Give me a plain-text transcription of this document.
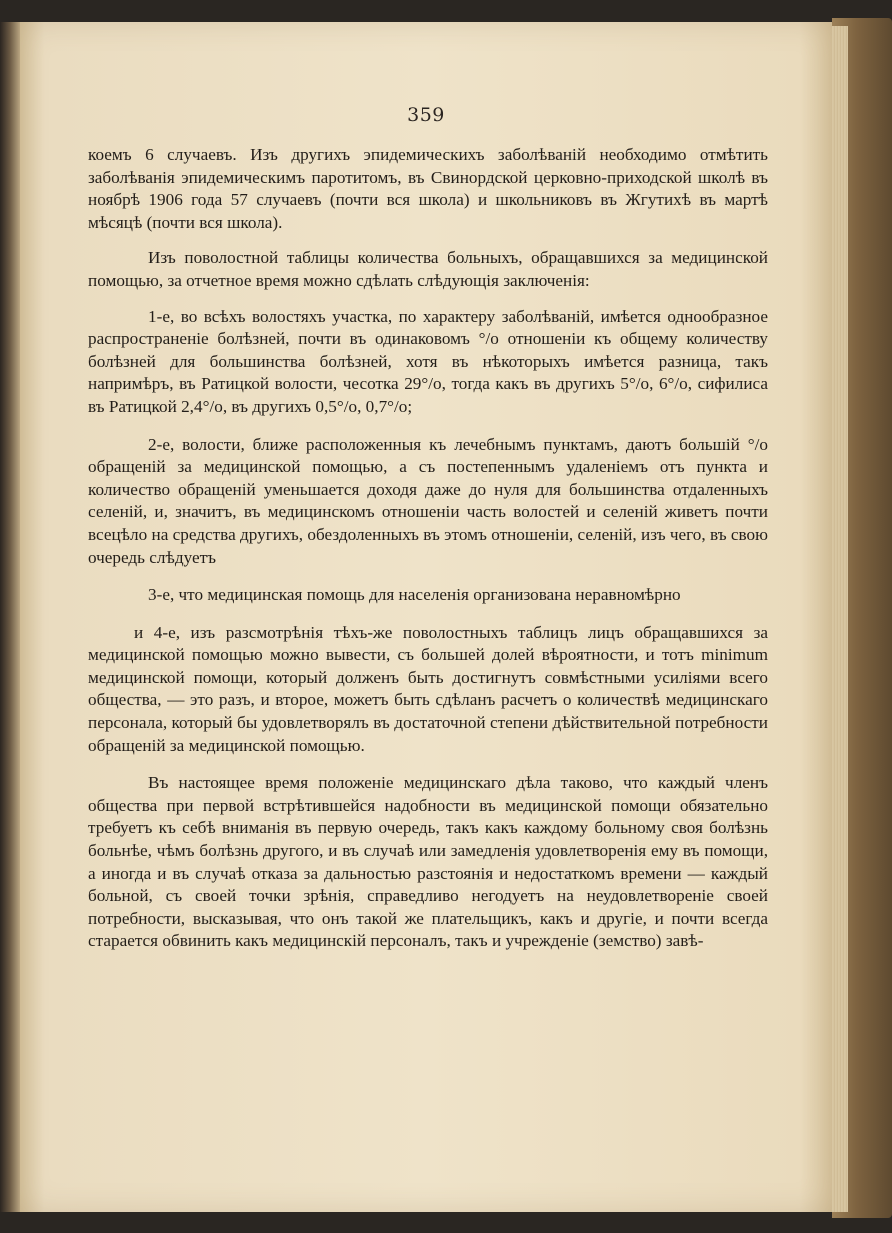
359

коемъ 6 случаевъ. Изъ другихъ эпидемическихъ заболѣваній необходимо отмѣтить заболѣванія эпидемическимъ паротитомъ, въ Свинордской церковно-приходской школѣ въ ноябрѣ 1906 года 57 случаевъ (почти вся школа) и школьниковъ въ Жгутихѣ въ мартѣ мѣсяцѣ (почти вся школа).

Изъ поволостной таблицы количества больныхъ, обращавшихся за медицинской помощью, за отчетное время можно сдѣлать слѣдующія заключенія:

1-е, во всѣхъ волостяхъ участка, по характеру заболѣваній, имѣется однообразное распространеніе болѣзней, почти въ одинаковомъ °/о отношеніи къ общему количеству болѣзней для большинства болѣзней, хотя въ нѣкоторыхъ имѣется разница, такъ напримѣръ, въ Ратицкой волости, чесотка 29°/о, тогда какъ въ другихъ 5°/о, 6°/о, сифилиса въ Ратицкой 2,4°/о, въ другихъ 0,5°/о, 0,7°/о;

2-е, волости, ближе расположенныя къ лечебнымъ пунктамъ, даютъ большій °/о обращеній за медицинской помощью, а съ постепеннымъ удаленіемъ отъ пункта и количество обращеній уменьшается доходя даже до нуля для большинства отдаленныхъ селеній, и, значитъ, въ медицинскомъ отношеніи часть волостей и селеній живетъ почти всецѣло на средства другихъ, обездоленныхъ въ этомъ отношеніи, селеній, изъ чего, въ свою очередь слѣдуетъ

3-е, что медицинская помощь для населенія организована неравномѣрно

и 4-е, изъ разсмотрѣнія тѣхъ-же поволостныхъ таблицъ лицъ обращавшихся за медицинской помощью можно вывести, съ большей долей вѣроятности, и тотъ minimum медицинской помощи, который долженъ быть достигнутъ совмѣстными усиліями всего общества, — это разъ, и второе, можетъ быть сдѣланъ расчетъ о количествѣ медицинскаго персонала, который бы удовлетворялъ въ достаточной степени дѣйствительной потребности обращеній за медицинской помощью.

Въ настоящее время положеніе медицинскаго дѣла таково, что каждый членъ общества при первой встрѣтившейся надобности въ медицинской помощи обязательно требуетъ къ себѣ вниманія въ первую очередь, такъ какъ каждому больному своя болѣзнь больнѣе, чѣмъ болѣзнь другого, и въ случаѣ или замедленія удовлетворенія ему въ помощи, а иногда и въ случаѣ отказа за дальностью разстоянія и недостаткомъ времени — каждый больной, съ своей точки зрѣнія, справедливо негодуетъ на неудовлетвореніе своей потребности, высказывая, что онъ такой же плательщикъ, какъ и другіе, и почти всегда старается обвинить какъ медицинскій персоналъ, такъ и учрежденіе (земство) завѣ-
